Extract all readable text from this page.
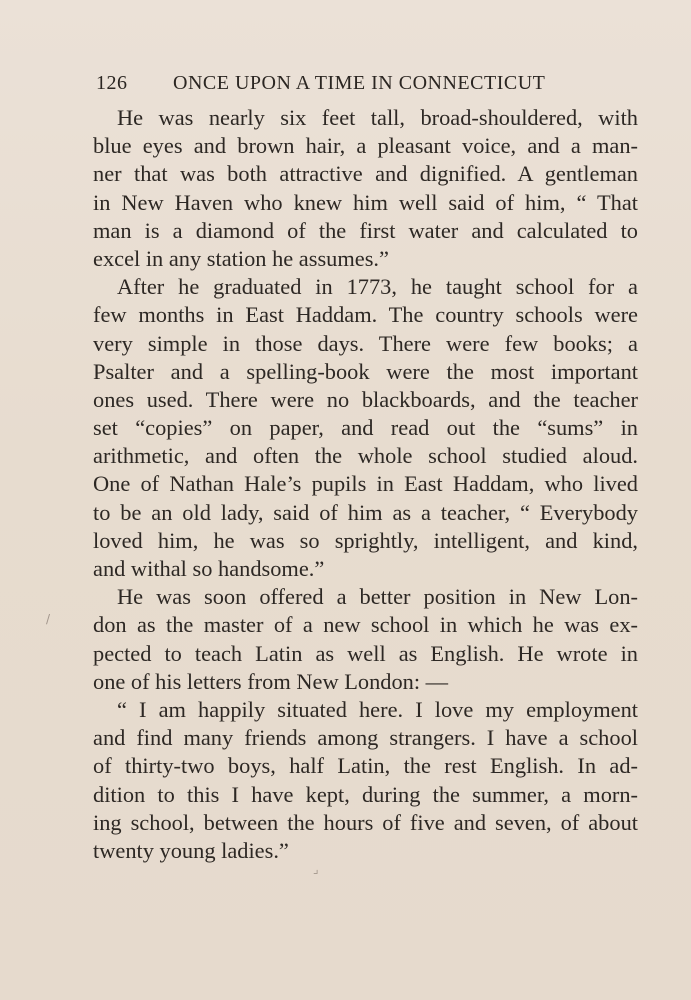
126 ONCE UPON A TIME IN CONNECTICUT
He was nearly six feet tall, broad-shouldered, with
blue eyes and brown hair, a pleasant voice, and a man-
ner that was both attractive and dignified. A gentleman
in New Haven who knew him well said of him, “ That
man is a diamond of the first water and calculated to
excel in any station he assumes.”
After he graduated in 1773, he taught school for a
few months in East Haddam. The country schools were
very simple in those days. There were few books; a
Psalter and a spelling-book were the most important
ones used. There were no blackboards, and the teacher
set “copies” on paper, and read out the “sums” in
arithmetic, and often the whole school studied aloud.
One of Nathan Hale’s pupils in East Haddam, who lived
to be an old lady, said of him as a teacher, “ Everybody
loved him, he was so sprightly, intelligent, and kind,
and withal so handsome.”
He was soon offered a better position in New Lon-
don as the master of a new school in which he was ex-
pected to teach Latin as well as English. He wrote in
one of his letters from New London: —
“ I am happily situated here. I love my employment
and find many friends among strangers. I have a school
of thirty-two boys, half Latin, the rest English. In ad-
dition to this I have kept, during the summer, a morn-
ing school, between the hours of five and seven, of about
twenty young ladies.”
/
⌟
